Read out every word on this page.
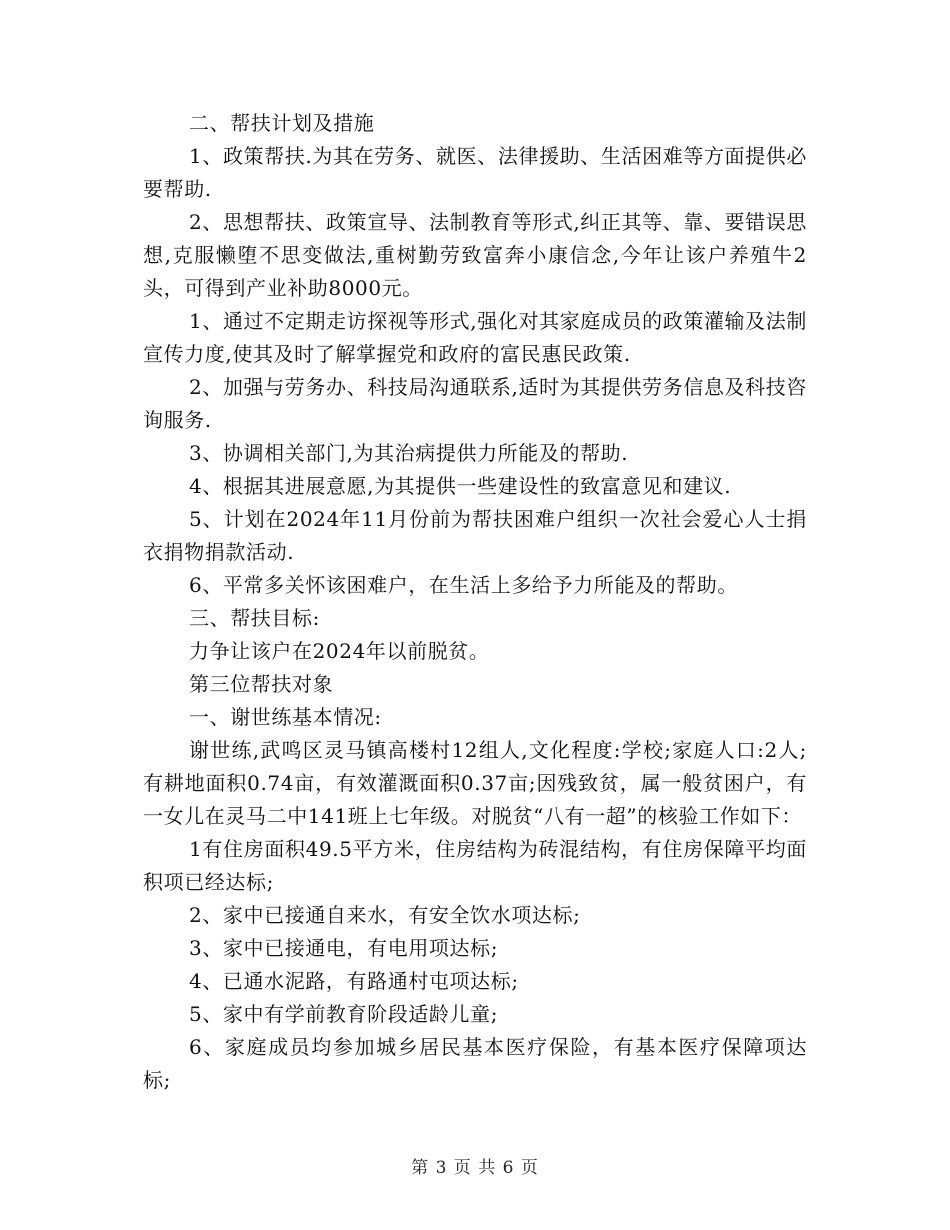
二、帮扶计划及措施

1、政策帮扶.为其在劳务、就医、法律援助、生活困难等方面提供必要帮助.

2、思想帮扶、政策宣导、法制教育等形式,纠正其等、靠、要错误思想,克服懒堕不思变做法,重树勤劳致富奔小康信念,今年让该户养殖牛2头，可得到产业补助8000元。

1、通过不定期走访探视等形式,强化对其家庭成员的政策灌输及法制宣传力度,使其及时了解掌握党和政府的富民惠民政策.

2、加强与劳务办、科技局沟通联系,适时为其提供劳务信息及科技咨询服务.

3、协调相关部门,为其治病提供力所能及的帮助.

4、根据其进展意愿,为其提供一些建设性的致富意见和建议.

5、计划在2024年11月份前为帮扶困难户组织一次社会爱心人士捐衣捐物捐款活动.

6、平常多关怀该困难户，在生活上多给予力所能及的帮助。

三、帮扶目标:

力争让该户在2024年以前脱贫。

第三位帮扶对象

一、谢世练基本情况:

谢世练,武鸣区灵马镇高楼村12组人,文化程度:学校;家庭人口:2人;有耕地面积0.74亩，有效灌溉面积0.37亩;因残致贫，属一般贫困户，有一女儿在灵马二中141班上七年级。对脱贫“八有一超”的核验工作如下：

1有住房面积49.5平方米，住房结构为砖混结构，有住房保障平均面积项已经达标;

2、家中已接通自来水，有安全饮水项达标;

3、家中已接通电，有电用项达标;

4、已通水泥路，有路通村屯项达标;

5、家中有学前教育阶段适龄儿童;

6、家庭成员均参加城乡居民基本医疗保险，有基本医疗保障项达标;

第 3 页 共 6 页
